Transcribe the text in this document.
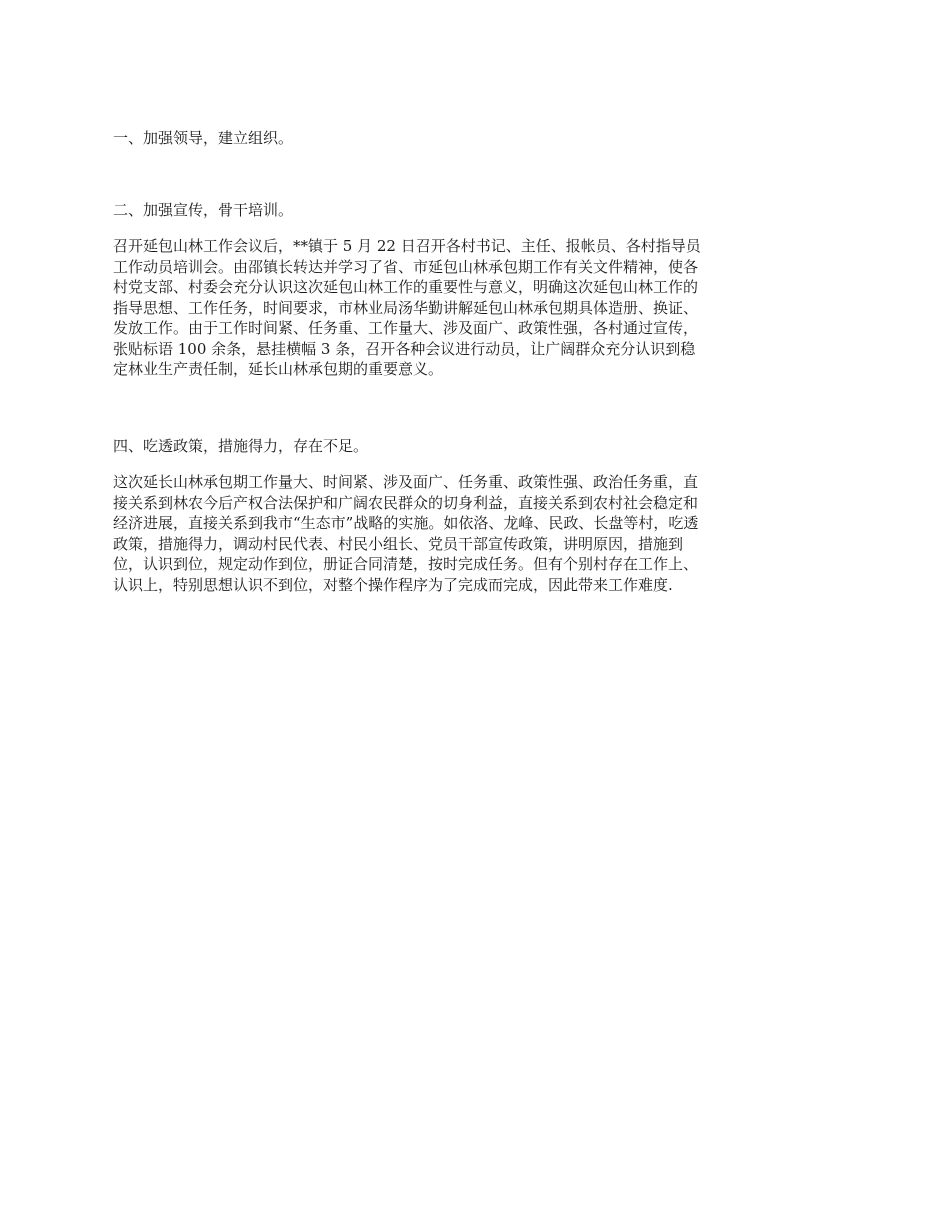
一、加强领导，建立组织。
二、加强宣传，骨干培训。
召开延包山林工作会议后，**镇于 5 月 22 日召开各村书记、主任、报帐员、各村指导员
工作动员培训会。由邵镇长转达并学习了省、市延包山林承包期工作有关文件精神，使各
村党支部、村委会充分认识这次延包山林工作的重要性与意义，明确这次延包山林工作的
指导思想、工作任务，时间要求，市林业局汤华勤讲解延包山林承包期具体造册、换证、
发放工作。由于工作时间紧、任务重、工作量大、涉及面广、政策性强，各村通过宣传，
张贴标语 100 余条，悬挂横幅 3 条，召开各种会议进行动员，让广阔群众充分认识到稳
定林业生产责任制，延长山林承包期的重要意义。
四、吃透政策，措施得力，存在不足。
这次延长山林承包期工作量大、时间紧、涉及面广、任务重、政策性强、政治任务重，直
接关系到林农今后产权合法保护和广阔农民群众的切身利益，直接关系到农村社会稳定和
经济进展，直接关系到我市“生态市”战略的实施。如依洛、龙峰、民政、长盘等村，吃透
政策，措施得力，调动村民代表、村民小组长、党员干部宣传政策，讲明原因，措施到
位，认识到位，规定动作到位，册证合同清楚，按时完成任务。但有个别村存在工作上、
认识上，特别思想认识不到位，对整个操作程序为了完成而完成，因此带来工作难度.
